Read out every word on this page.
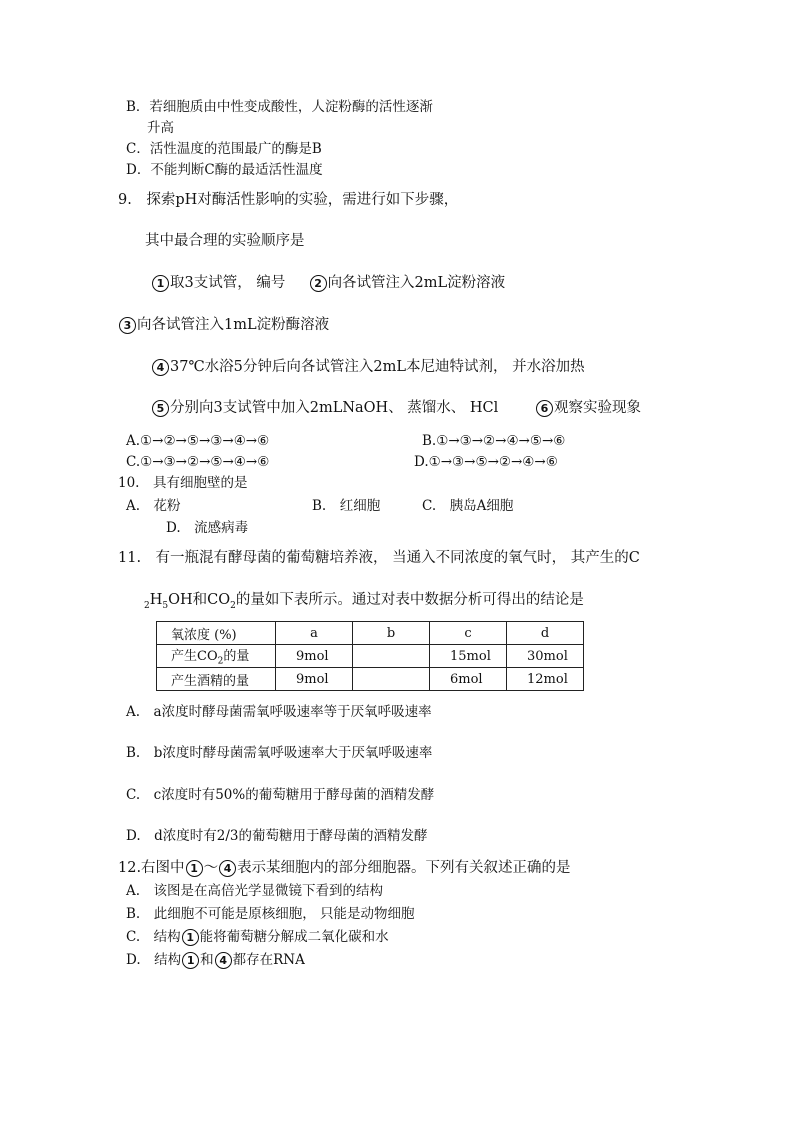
B．若细胞质由中性变成酸性，人淀粉酶的活性逐渐
升高
C．活性温度的范围最广的酶是B
D．不能判断C酶的最适活性温度
9.　探索pH对酶活性影响的实验，需进行如下步骤，
其中最合理的实验顺序是
1 取3支试管， 编号	2 向各试管注入2mL淀粉溶液
3 向各试管注入1mL淀粉酶溶液
4 37℃水浴5分钟后向各试管注入2mL本尼迪特试剂， 并水浴加热
5 分别向3支试管中加入2mLNaOH、 蒸馏水、 HCl	6 观察实验现象
A.①→②→⑤→③→④→⑥	B.①→③→②→④→⑤→⑥
C.①→③→②→⑤→④→⑥	D.①→③→⑤→②→④→⑥
10.　具有细胞壁的是
A.　花粉	B.　红细胞	C.　胰岛A细胞
D.　流感病毒
11.　有一瓶混有酵母菌的葡萄糖培养液， 当通入不同浓度的氧气时， 其产生的C
$_2H_5OH$和$CO_2$的量如下表所示。通过对表中数据分析可得出的结论是
氧浓度 (%)	a	b	c	d
产生$CO_2$的量	9mol		15mol	30mol
产生酒精的量	9mol		6mol	12mol
A.　a浓度时酵母菌需氧呼吸速率等于厌氧呼吸速率
B.　b浓度时酵母菌需氧呼吸速率大于厌氧呼吸速率
C.　c浓度时有50%的葡萄糖用于酵母菌的酒精发酵
D.　d浓度时有2/3的葡萄糖用于酵母菌的酒精发酵
12.右图中 1 ～ 4 表示某细胞内的部分细胞器。下列有关叙述正确的是
A.　该图是在高倍光学显微镜下看到的结构
B.　此细胞不可能是原核细胞， 只能是动物细胞
C.　结构 1 能将葡萄糖分解成二氧化碳和水
D.　结构 1 和 4 都存在RNA
